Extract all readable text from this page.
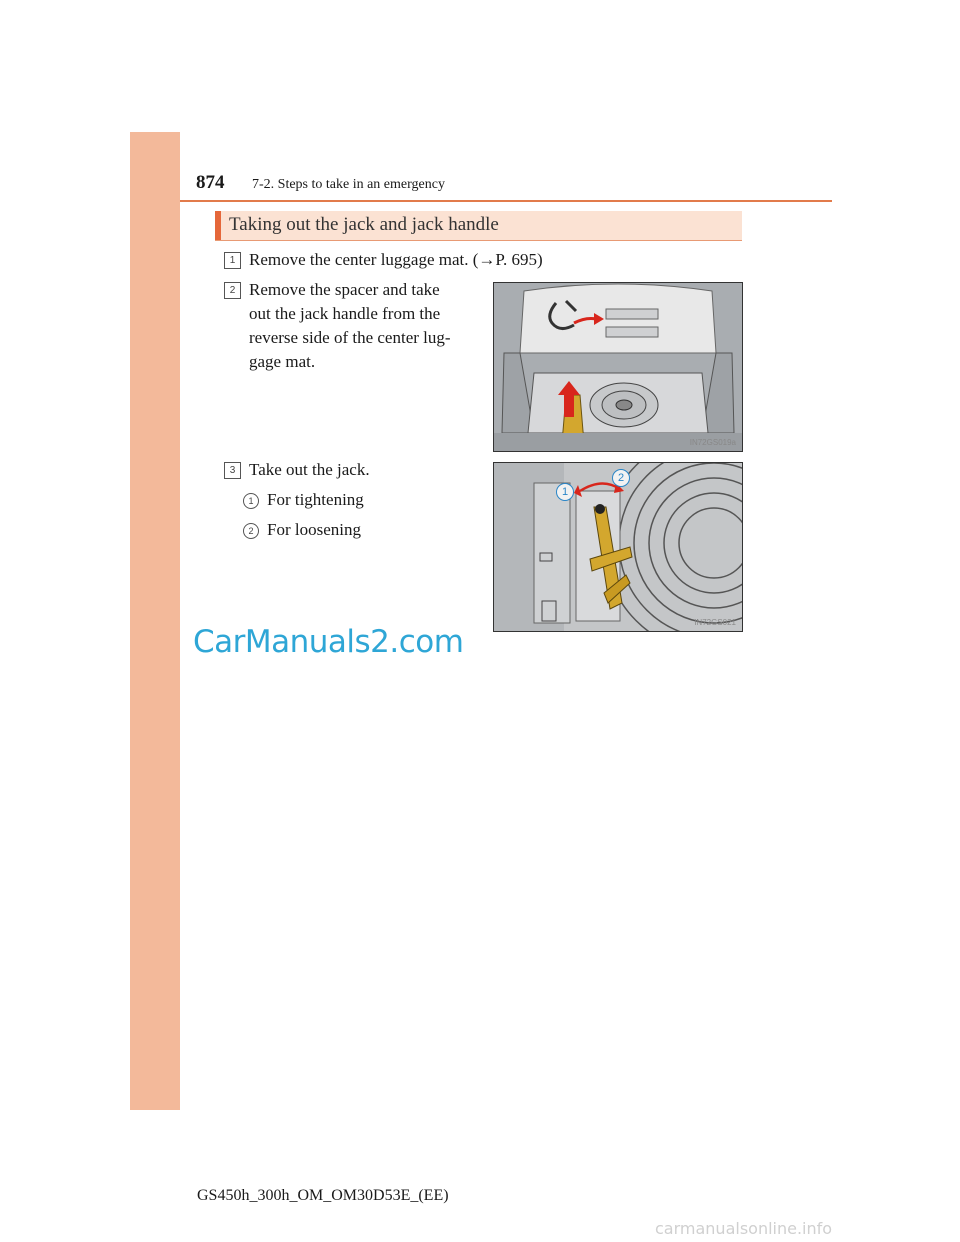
874 7-2. Steps to take in an emergency
Taking out the jack and jack handle
1 Remove the center luggage mat. (→P. 695)
2 Remove the spacer and take
out the jack handle from the
reverse side of the center lug-
gage mat.
IN72GS019a
3 Take out the jack.
1 For tightening
2 For loosening
1
2
IN72GS021
CarManuals2.com
GS450h_300h_OM_OM30D53E_(EE)
carmanualsonline.info
